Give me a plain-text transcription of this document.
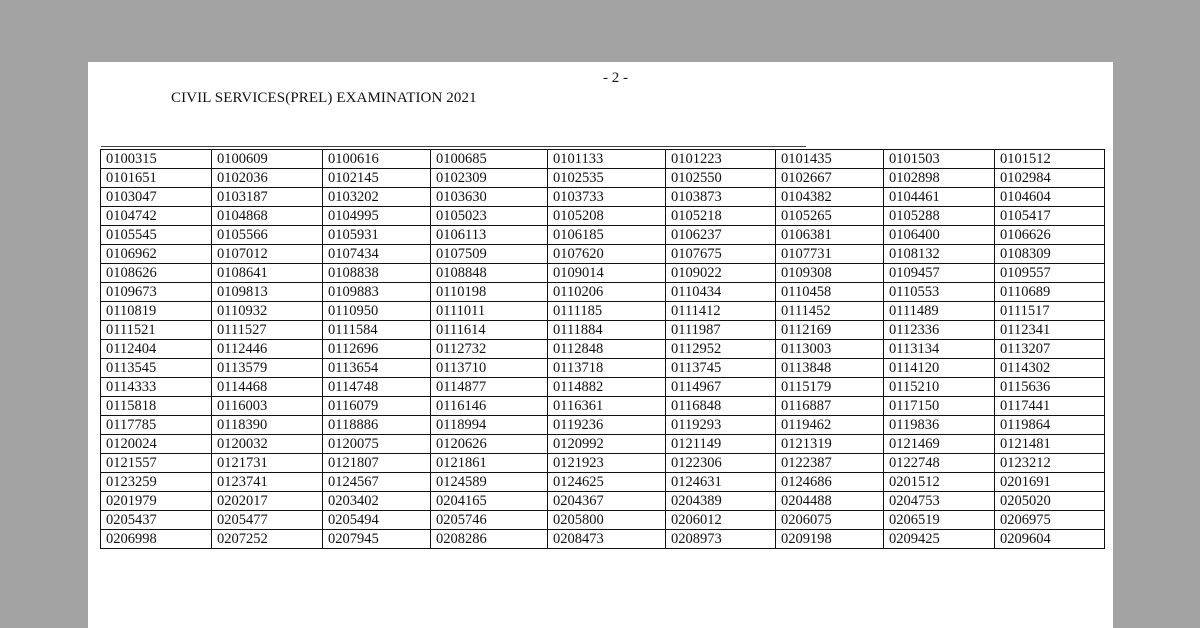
- 2 -
CIVIL SERVICES(PREL) EXAMINATION 2021
0100315	0100609	0100616	0100685	0101133	0101223	0101435	0101503	0101512
0101651	0102036	0102145	0102309	0102535	0102550	0102667	0102898	0102984
0103047	0103187	0103202	0103630	0103733	0103873	0104382	0104461	0104604
0104742	0104868	0104995	0105023	0105208	0105218	0105265	0105288	0105417
0105545	0105566	0105931	0106113	0106185	0106237	0106381	0106400	0106626
0106962	0107012	0107434	0107509	0107620	0107675	0107731	0108132	0108309
0108626	0108641	0108838	0108848	0109014	0109022	0109308	0109457	0109557
0109673	0109813	0109883	0110198	0110206	0110434	0110458	0110553	0110689
0110819	0110932	0110950	0111011	0111185	0111412	0111452	0111489	0111517
0111521	0111527	0111584	0111614	0111884	0111987	0112169	0112336	0112341
0112404	0112446	0112696	0112732	0112848	0112952	0113003	0113134	0113207
0113545	0113579	0113654	0113710	0113718	0113745	0113848	0114120	0114302
0114333	0114468	0114748	0114877	0114882	0114967	0115179	0115210	0115636
0115818	0116003	0116079	0116146	0116361	0116848	0116887	0117150	0117441
0117785	0118390	0118886	0118994	0119236	0119293	0119462	0119836	0119864
0120024	0120032	0120075	0120626	0120992	0121149	0121319	0121469	0121481
0121557	0121731	0121807	0121861	0121923	0122306	0122387	0122748	0123212
0123259	0123741	0124567	0124589	0124625	0124631	0124686	0201512	0201691
0201979	0202017	0203402	0204165	0204367	0204389	0204488	0204753	0205020
0205437	0205477	0205494	0205746	0205800	0206012	0206075	0206519	0206975
0206998	0207252	0207945	0208286	0208473	0208973	0209198	0209425	0209604
